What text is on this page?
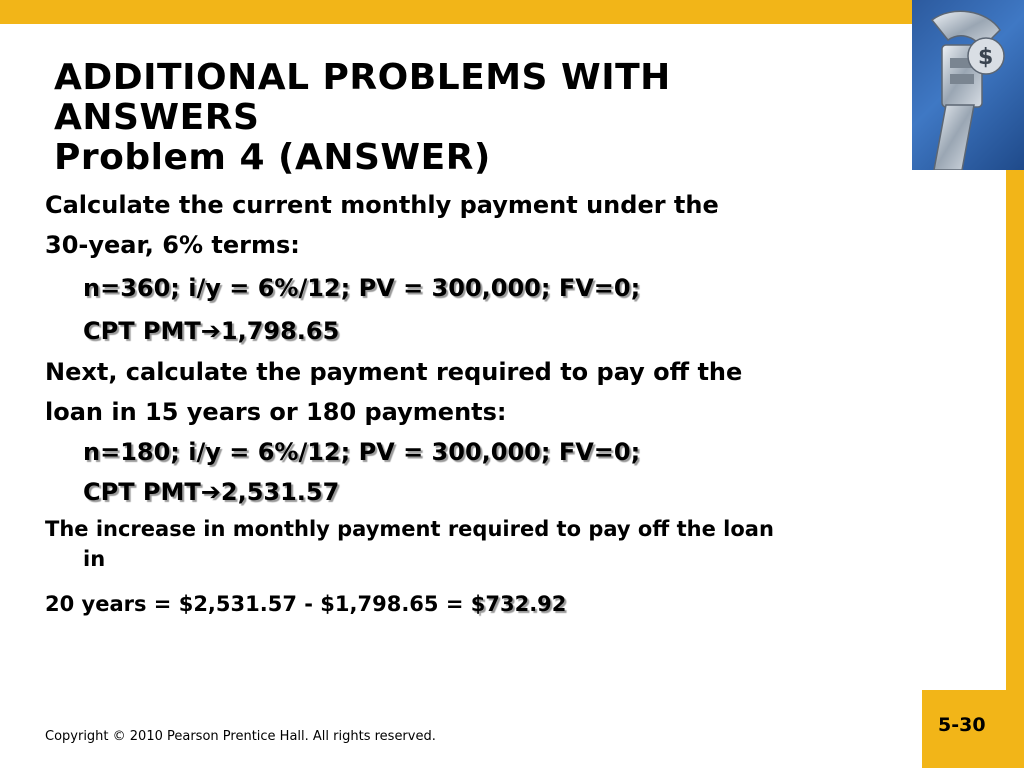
$
ADDITIONAL PROBLEMS WITH
ANSWERS
Problem 4 (ANSWER)
Calculate the current monthly payment under the
30-year, 6% terms:
n=360; i/y = 6%/12; PV = 300,000; FV=0;
CPT PMT➔1,798.65
Next, calculate the payment required to pay off the
loan in 15 years or 180 payments:
n=180; i/y = 6%/12; PV = 300,000; FV=0;
CPT PMT➔2,531.57
The increase in monthly payment required to pay off the loan
in
20 years = $2,531.57 - $1,798.65 = $732.92
Copyright © 2010 Pearson Prentice Hall. All rights reserved.
5-30
